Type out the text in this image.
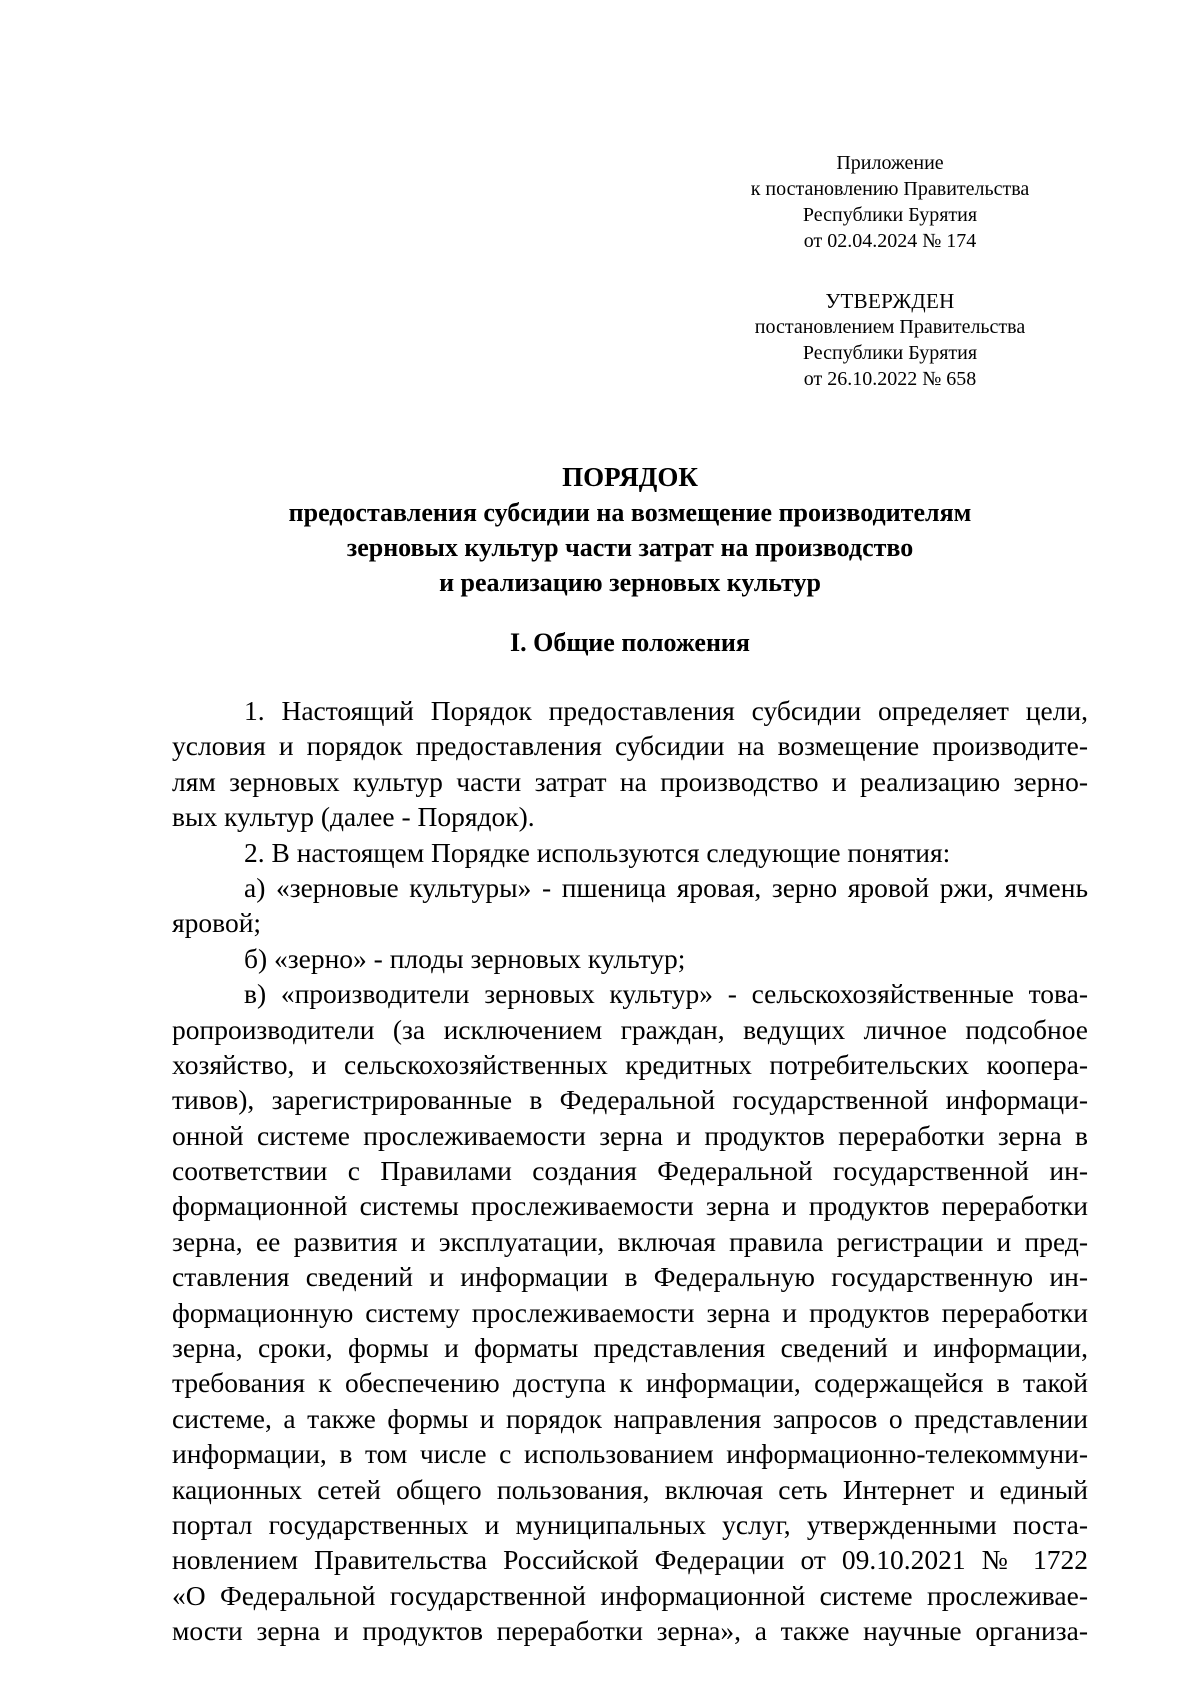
Приложение
к постановлению Правительства
Республики Бурятия
от 02.04.2024 № 174
УТВЕРЖДЕН
постановлением Правительства
Республики Бурятия
от 26.10.2022 № 658
ПОРЯДОК
предоставления субсидии на возмещение производителям
зерновых культур части затрат на производство
и реализацию зерновых культур
I. Общие положения
1. Настоящий Порядок предоставления субсидии определяет цели,
условия и порядок предоставления субсидии на возмещение производите-
лям зерновых культур части затрат на производство и реализацию зерно-
вых культур (далее - Порядок).
2. В настоящем Порядке используются следующие понятия:
а) «зерновые культуры» - пшеница яровая, зерно яровой ржи, ячмень
яровой;
б) «зерно» - плоды зерновых культур;
в) «производители зерновых культур» - сельскохозяйственные това-
ропроизводители (за исключением граждан, ведущих личное подсобное
хозяйство, и сельскохозяйственных кредитных потребительских коопера-
тивов), зарегистрированные в Федеральной государственной информаци-
онной системе прослеживаемости зерна и продуктов переработки зерна в
соответствии с Правилами создания Федеральной государственной ин-
формационной системы прослеживаемости зерна и продуктов переработки
зерна, ее развития и эксплуатации, включая правила регистрации и пред-
ставления сведений и информации в Федеральную государственную ин-
формационную систему прослеживаемости зерна и продуктов переработки
зерна, сроки, формы и форматы представления сведений и информации,
требования к обеспечению доступа к информации, содержащейся в такой
системе, а также формы и порядок направления запросов о представлении
информации, в том числе с использованием информационно-телекоммуни-
кационных сетей общего пользования, включая сеть Интернет и единый
портал государственных и муниципальных услуг, утвержденными поста-
новлением Правительства Российской Федерации от 09.10.2021 № 1722
«О Федеральной государственной информационной системе прослеживае-
мости зерна и продуктов переработки зерна», а также научные организа-
